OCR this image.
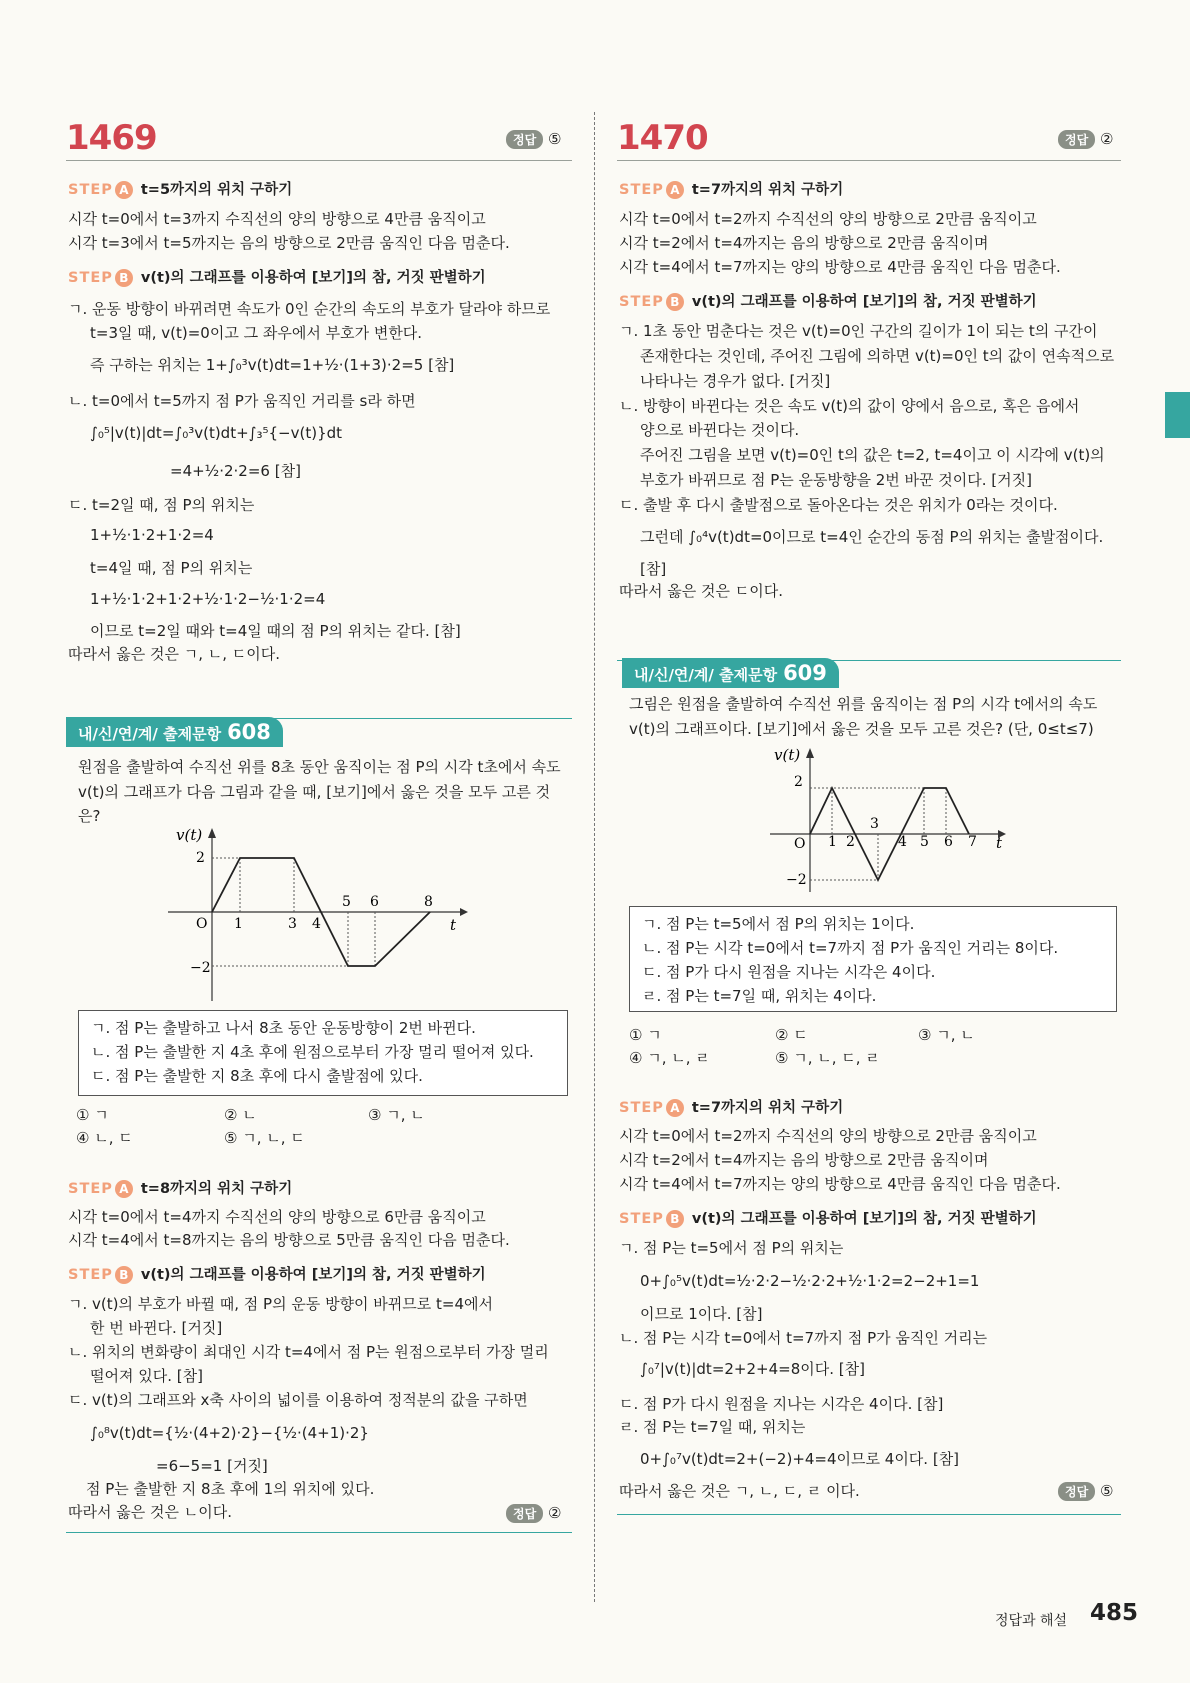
1469	정답 ⑤
STEP A t=5까지의 위치 구하기
시각 t=0에서 t=3까지 수직선의 양의 방향으로 4만큼 움직이고
시각 t=3에서 t=5까지는 음의 방향으로 2만큼 움직인 다음 멈춘다.
STEP B v(t)의 그래프를 이용하여 [보기]의 참, 거짓 판별하기
ㄱ. 운동 방향이 바뀌려면 속도가 0인 순간의 속도의 부호가 달라야 하므로
t=3일 때, v(t)=0이고 그 좌우에서 부호가 변한다.
즉 구하는 위치는 1+∫₀³v(t)dt=1+½·(1+3)·2=5 [참]
ㄴ. t=0에서 t=5까지 점 P가 움직인 거리를 s라 하면
∫₀⁵|v(t)|dt=∫₀³v(t)dt+∫₃⁵{−v(t)}dt
=4+½·2·2=6 [참]
ㄷ. t=2일 때, 점 P의 위치는
1+½·1·2+1·2=4
t=4일 때, 점 P의 위치는
1+½·1·2+1·2+½·1·2−½·1·2=4
이므로 t=2일 때와 t=4일 때의 점 P의 위치는 같다. [참]
따라서 옳은 것은 ㄱ, ㄴ, ㄷ이다.
내/신/연/계/ 출제문항 608
원점을 출발하여 수직선 위를 8초 동안 움직이는 점 P의 시각 t초에서 속도
v(t)의 그래프가 다음 그림과 같을 때, [보기]에서 옳은 것을 모두 고른 것
은?
v(t)
t
O
2
−2
1	3 4
5 6	8
ㄱ. 점 P는 출발하고 나서 8초 동안 운동방향이 2번 바뀐다.
ㄴ. 점 P는 출발한 지 4초 후에 원점으로부터 가장 멀리 떨어져 있다.
ㄷ. 점 P는 출발한 지 8초 후에 다시 출발점에 있다.
① ㄱ	② ㄴ	③ ㄱ, ㄴ
④ ㄴ, ㄷ	⑤ ㄱ, ㄴ, ㄷ
STEP A t=8까지의 위치 구하기
시각 t=0에서 t=4까지 수직선의 양의 방향으로 6만큼 움직이고
시각 t=4에서 t=8까지는 음의 방향으로 5만큼 움직인 다음 멈춘다.
STEP B v(t)의 그래프를 이용하여 [보기]의 참, 거짓 판별하기
ㄱ. v(t)의 부호가 바뀔 때, 점 P의 운동 방향이 바뀌므로 t=4에서
한 번 바뀐다. [거짓]
ㄴ. 위치의 변화량이 최대인 시각 t=4에서 점 P는 원점으로부터 가장 멀리
떨어져 있다. [참]
ㄷ. v(t)의 그래프와 x축 사이의 넓이를 이용하여 정적분의 값을 구하면
∫₀⁸v(t)dt={½·(4+2)·2}−{½·(4+1)·2}
=6−5=1 [거짓]
점 P는 출발한 지 8초 후에 1의 위치에 있다.
따라서 옳은 것은 ㄴ이다.	정답 ②
1470	정답 ②
STEP A t=7까지의 위치 구하기
시각 t=0에서 t=2까지 수직선의 양의 방향으로 2만큼 움직이고
시각 t=2에서 t=4까지는 음의 방향으로 2만큼 움직이며
시각 t=4에서 t=7까지는 양의 방향으로 4만큼 움직인 다음 멈춘다.
STEP B v(t)의 그래프를 이용하여 [보기]의 참, 거짓 판별하기
ㄱ. 1초 동안 멈춘다는 것은 v(t)=0인 구간의 길이가 1이 되는 t의 구간이
존재한다는 것인데, 주어진 그림에 의하면 v(t)=0인 t의 값이 연속적으로
나타나는 경우가 없다. [거짓]
ㄴ. 방향이 바뀐다는 것은 속도 v(t)의 값이 양에서 음으로, 혹은 음에서
양으로 바뀐다는 것이다.
주어진 그림을 보면 v(t)=0인 t의 값은 t=2, t=4이고 이 시각에 v(t)의
부호가 바뀌므로 점 P는 운동방향을 2번 바꾼 것이다. [거짓]
ㄷ. 출발 후 다시 출발점으로 돌아온다는 것은 위치가 0라는 것이다.
그런데 ∫₀⁴v(t)dt=0이므로 t=4인 순간의 동점 P의 위치는 출발점이다.
[참]
따라서 옳은 것은 ㄷ이다.
내/신/연/계/ 출제문항 609
그림은 원점을 출발하여 수직선 위를 움직이는 점 P의 시각 t에서의 속도
v(t)의 그래프이다. [보기]에서 옳은 것을 모두 고른 것은? (단, 0≤t≤7)
v(t)
t
O
2
−2
1 2
3
4 5 6 7
ㄱ. 점 P는 t=5에서 점 P의 위치는 1이다.
ㄴ. 점 P는 시각 t=0에서 t=7까지 점 P가 움직인 거리는 8이다.
ㄷ. 점 P가 다시 원점을 지나는 시각은 4이다.
ㄹ. 점 P는 t=7일 때, 위치는 4이다.
① ㄱ	② ㄷ	③ ㄱ, ㄴ
④ ㄱ, ㄴ, ㄹ	⑤ ㄱ, ㄴ, ㄷ, ㄹ
STEP A t=7까지의 위치 구하기
시각 t=0에서 t=2까지 수직선의 양의 방향으로 2만큼 움직이고
시각 t=2에서 t=4까지는 음의 방향으로 2만큼 움직이며
시각 t=4에서 t=7까지는 양의 방향으로 4만큼 움직인 다음 멈춘다.
STEP B v(t)의 그래프를 이용하여 [보기]의 참, 거짓 판별하기
ㄱ. 점 P는 t=5에서 점 P의 위치는
0+∫₀⁵v(t)dt=½·2·2−½·2·2+½·1·2=2−2+1=1
이므로 1이다. [참]
ㄴ. 점 P는 시각 t=0에서 t=7까지 점 P가 움직인 거리는
∫₀⁷|v(t)|dt=2+2+4=8이다. [참]
ㄷ. 점 P가 다시 원점을 지나는 시각은 4이다. [참]
ㄹ. 점 P는 t=7일 때, 위치는
0+∫₀⁷v(t)dt=2+(−2)+4=4이므로 4이다. [참]
따라서 옳은 것은 ㄱ, ㄴ, ㄷ, ㄹ 이다.	정답 ⑤
정답과 해설 485
